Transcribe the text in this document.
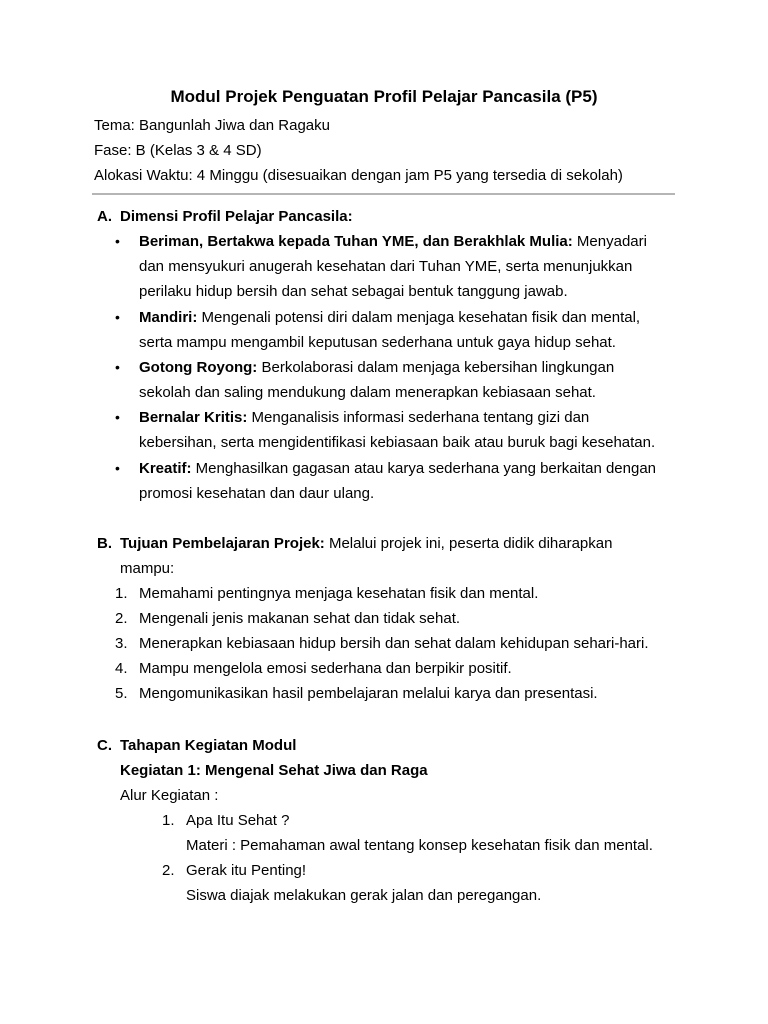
Modul Projek Penguatan Profil Pelajar Pancasila (P5)
Tema: Bangunlah Jiwa dan Ragaku
Fase: B (Kelas 3 & 4 SD)
Alokasi Waktu: 4 Minggu (disesuaikan dengan jam P5 yang tersedia di sekolah)
A. Dimensi Profil Pelajar Pancasila:
• Beriman, Bertakwa kepada Tuhan YME, dan Berakhlak Mulia: Menyadari
dan mensyukuri anugerah kesehatan dari Tuhan YME, serta menunjukkan
perilaku hidup bersih dan sehat sebagai bentuk tanggung jawab.
• Mandiri: Mengenali potensi diri dalam menjaga kesehatan fisik dan mental,
serta mampu mengambil keputusan sederhana untuk gaya hidup sehat.
• Gotong Royong: Berkolaborasi dalam menjaga kebersihan lingkungan
sekolah dan saling mendukung dalam menerapkan kebiasaan sehat.
• Bernalar Kritis: Menganalisis informasi sederhana tentang gizi dan
kebersihan, serta mengidentifikasi kebiasaan baik atau buruk bagi kesehatan.
• Kreatif: Menghasilkan gagasan atau karya sederhana yang berkaitan dengan
promosi kesehatan dan daur ulang.
B. Tujuan Pembelajaran Projek: Melalui projek ini, peserta didik diharapkan
mampu:
1. Memahami pentingnya menjaga kesehatan fisik dan mental.
2. Mengenali jenis makanan sehat dan tidak sehat.
3. Menerapkan kebiasaan hidup bersih dan sehat dalam kehidupan sehari-hari.
4. Mampu mengelola emosi sederhana dan berpikir positif.
5. Mengomunikasikan hasil pembelajaran melalui karya dan presentasi.
C. Tahapan Kegiatan Modul
Kegiatan 1: Mengenal Sehat Jiwa dan Raga
Alur Kegiatan :
1. Apa Itu Sehat ?
Materi : Pemahaman awal tentang konsep kesehatan fisik dan mental.
2. Gerak itu Penting!
Siswa diajak melakukan gerak jalan dan peregangan.
